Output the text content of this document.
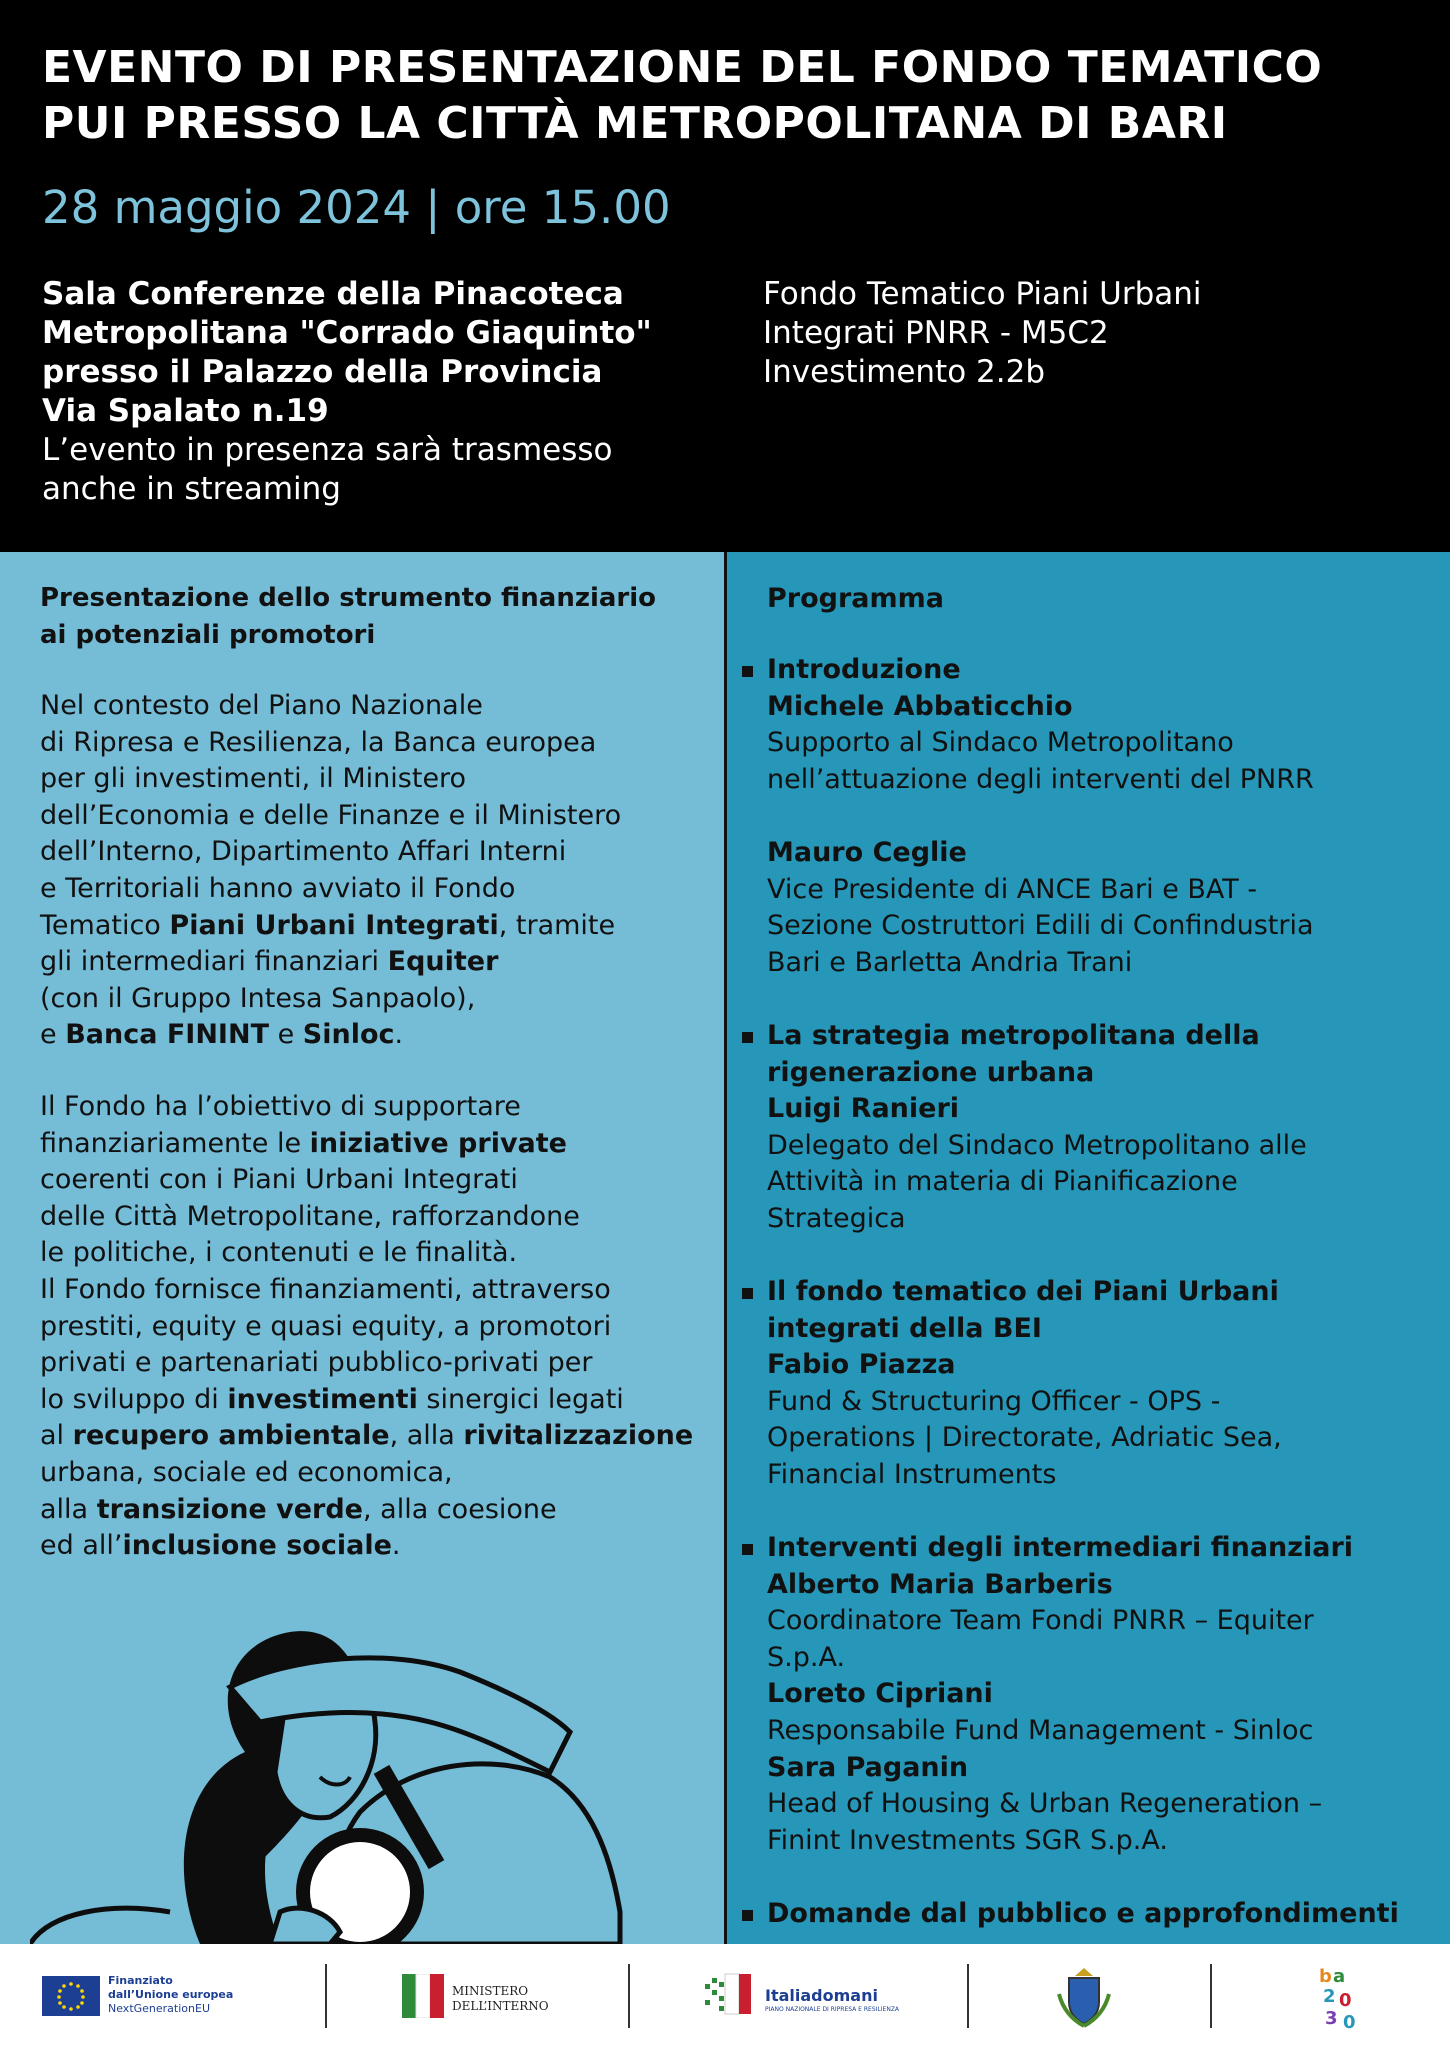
EVENTO DI PRESENTAZIONE DEL FONDO TEMATICO
PUI PRESSO LA CITTÀ METROPOLITANA DI BARI
28 maggio 2024 | ore 15.00
Sala Conferenze della Pinacoteca
Metropolitana "Corrado Giaquinto"
presso il Palazzo della Provincia
Via Spalato n.19
L’evento in presenza sarà trasmesso
anche in streaming
Fondo Tematico Piani Urbani
Integrati PNRR - M5C2
Investimento 2.2b
Presentazione dello strumento finanziario
ai potenziali promotori
Nel contesto del Piano Nazionale
di Ripresa e Resilienza, la Banca europea
per gli investimenti, il Ministero
dell’Economia e delle Finanze e il Ministero
dell’Interno, Dipartimento Affari Interni
e Territoriali hanno avviato il Fondo
Tematico Piani Urbani Integrati, tramite
gli intermediari finanziari Equiter
(con il Gruppo Intesa Sanpaolo),
e Banca FININT e Sinloc.
Il Fondo ha l’obiettivo di supportare
finanziariamente le iniziative private
coerenti con i Piani Urbani Integrati
delle Città Metropolitane, rafforzandone
le politiche, i contenuti e le finalità.
Il Fondo fornisce finanziamenti, attraverso
prestiti, equity e quasi equity, a promotori
privati e partenariati pubblico-privati per
lo sviluppo di investimenti sinergici legati
al recupero ambientale, alla rivitalizzazione
urbana, sociale ed economica,
alla transizione verde, alla coesione
ed all’inclusione sociale.
Programma
Introduzione
Michele Abbaticchio
Supporto al Sindaco Metropolitano
nell’attuazione degli interventi del PNRR

Mauro Ceglie
Vice Presidente di ANCE Bari e BAT -
Sezione Costruttori Edili di Confindustria
Bari e Barletta Andria Trani
La strategia metropolitana della
rigenerazione urbana
Luigi Ranieri
Delegato del Sindaco Metropolitano alle
Attività in materia di Pianificazione
Strategica
Il fondo tematico dei Piani Urbani
integrati della BEI
Fabio Piazza
Fund & Structuring Officer - OPS -
Operations | Directorate, Adriatic Sea,
Financial Instruments
Interventi degli intermediari finanziari
Alberto Maria Barberis
Coordinatore Team Fondi PNRR – Equiter
S.p.A.
Loreto Cipriani
Responsabile Fund Management - Sinloc
Sara Paganin
Head of Housing & Urban Regeneration –
Finint Investments SGR S.p.A.
Domande dal pubblico e approfondimenti
Finanziato
dall’Unione europea
NextGenerationEU
MINISTERO
DELL’INTERNO
Italiadomani
PIANO NAZIONALE DI RIPRESA E RESILIENZA
b a
2 0
3 0
